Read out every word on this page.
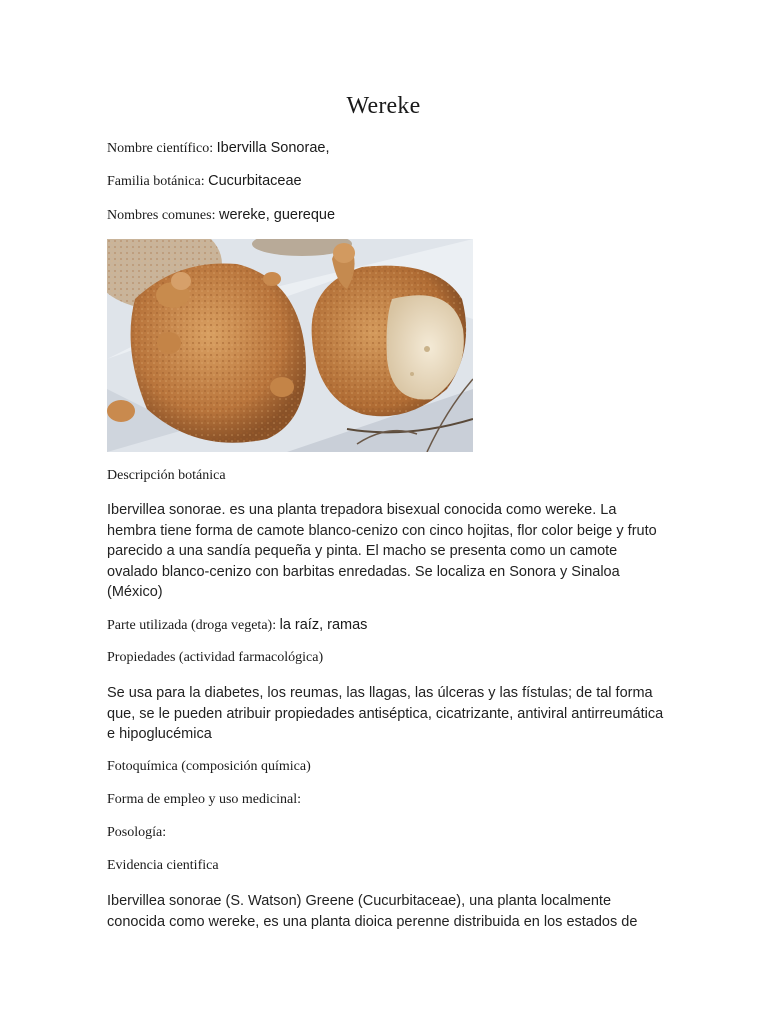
Wereke
Nombre científico: Ibervilla Sonorae,
Familia botánica: Cucurbitaceae
Nombres comunes: wereke, guereque
Descripción botánica
Ibervillea sonorae. es una planta trepadora bisexual conocida como wereke. La hembra tiene forma de camote blanco-cenizo con cinco hojitas, flor color beige y fruto parecido a una sandía pequeña y pinta. El macho se presenta como un camote ovalado blanco-cenizo con barbitas enredadas. Se localiza en Sonora y Sinaloa (México)
Parte utilizada (droga vegeta): la raíz, ramas
Propiedades (actividad farmacológica)
Se usa para la diabetes, los reumas, las llagas, las úlceras y las fístulas; de tal forma que, se le pueden atribuir propiedades antiséptica, cicatrizante, antiviral antirreumática e hipoglucémica
Fotoquímica (composición química)
Forma de empleo y uso medicinal:
Posología:
Evidencia cientifica
Ibervillea sonorae (S. Watson) Greene (Cucurbitaceae), una planta localmente conocida como wereke, es una planta dioica perenne distribuida en los estados de
